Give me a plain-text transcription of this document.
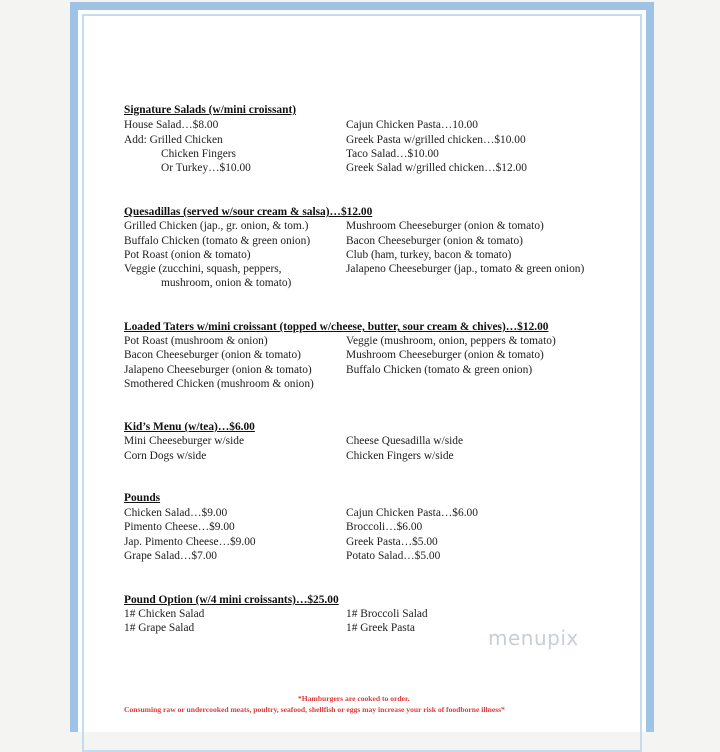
Signature Salads (w/mini croissant)
House Salad…$8.00
Add: Grilled Chicken
Chicken Fingers
Or Turkey…$10.00
Cajun Chicken Pasta…10.00
Greek Pasta w/grilled chicken…$10.00
Taco Salad…$10.00
Greek Salad w/grilled chicken…$12.00
Quesadillas (served w/sour cream & salsa)…$12.00
Grilled Chicken (jap., gr. onion, & tom.)
Buffalo Chicken (tomato & green onion)
Pot Roast (onion & tomato)
Veggie (zucchini, squash, peppers,
mushroom, onion & tomato)
Mushroom Cheeseburger (onion & tomato)
Bacon Cheeseburger (onion & tomato)
Club (ham, turkey, bacon & tomato)
Jalapeno Cheeseburger (jap., tomato & green onion)
Loaded Taters w/mini croissant (topped w/cheese, butter, sour cream & chives)…$12.00
Pot Roast (mushroom & onion)
Bacon Cheeseburger (onion & tomato)
Jalapeno Cheeseburger (onion & tomato)
Smothered Chicken (mushroom & onion)
Veggie (mushroom, onion, peppers & tomato)
Mushroom Cheeseburger (onion & tomato)
Buffalo Chicken (tomato & green onion)
Kid’s Menu (w/tea)…$6.00
Mini Cheeseburger w/side
Corn Dogs w/side
Cheese Quesadilla w/side
Chicken Fingers w/side
Pounds
Chicken Salad…$9.00
Pimento Cheese…$9.00
Jap. Pimento Cheese…$9.00
Grape Salad…$7.00
Cajun Chicken Pasta…$6.00
Broccoli…$6.00
Greek Pasta…$5.00
Potato Salad…$5.00
Pound Option (w/4 mini croissants)…$25.00
1# Chicken Salad
1# Grape Salad
1# Broccoli Salad
1# Greek Pasta	menupix
*Hamburgers are cooked to order.
Consuming raw or undercooked meats, poultry, seafood, shellfish or eggs may increase your risk of foodborne illness*
